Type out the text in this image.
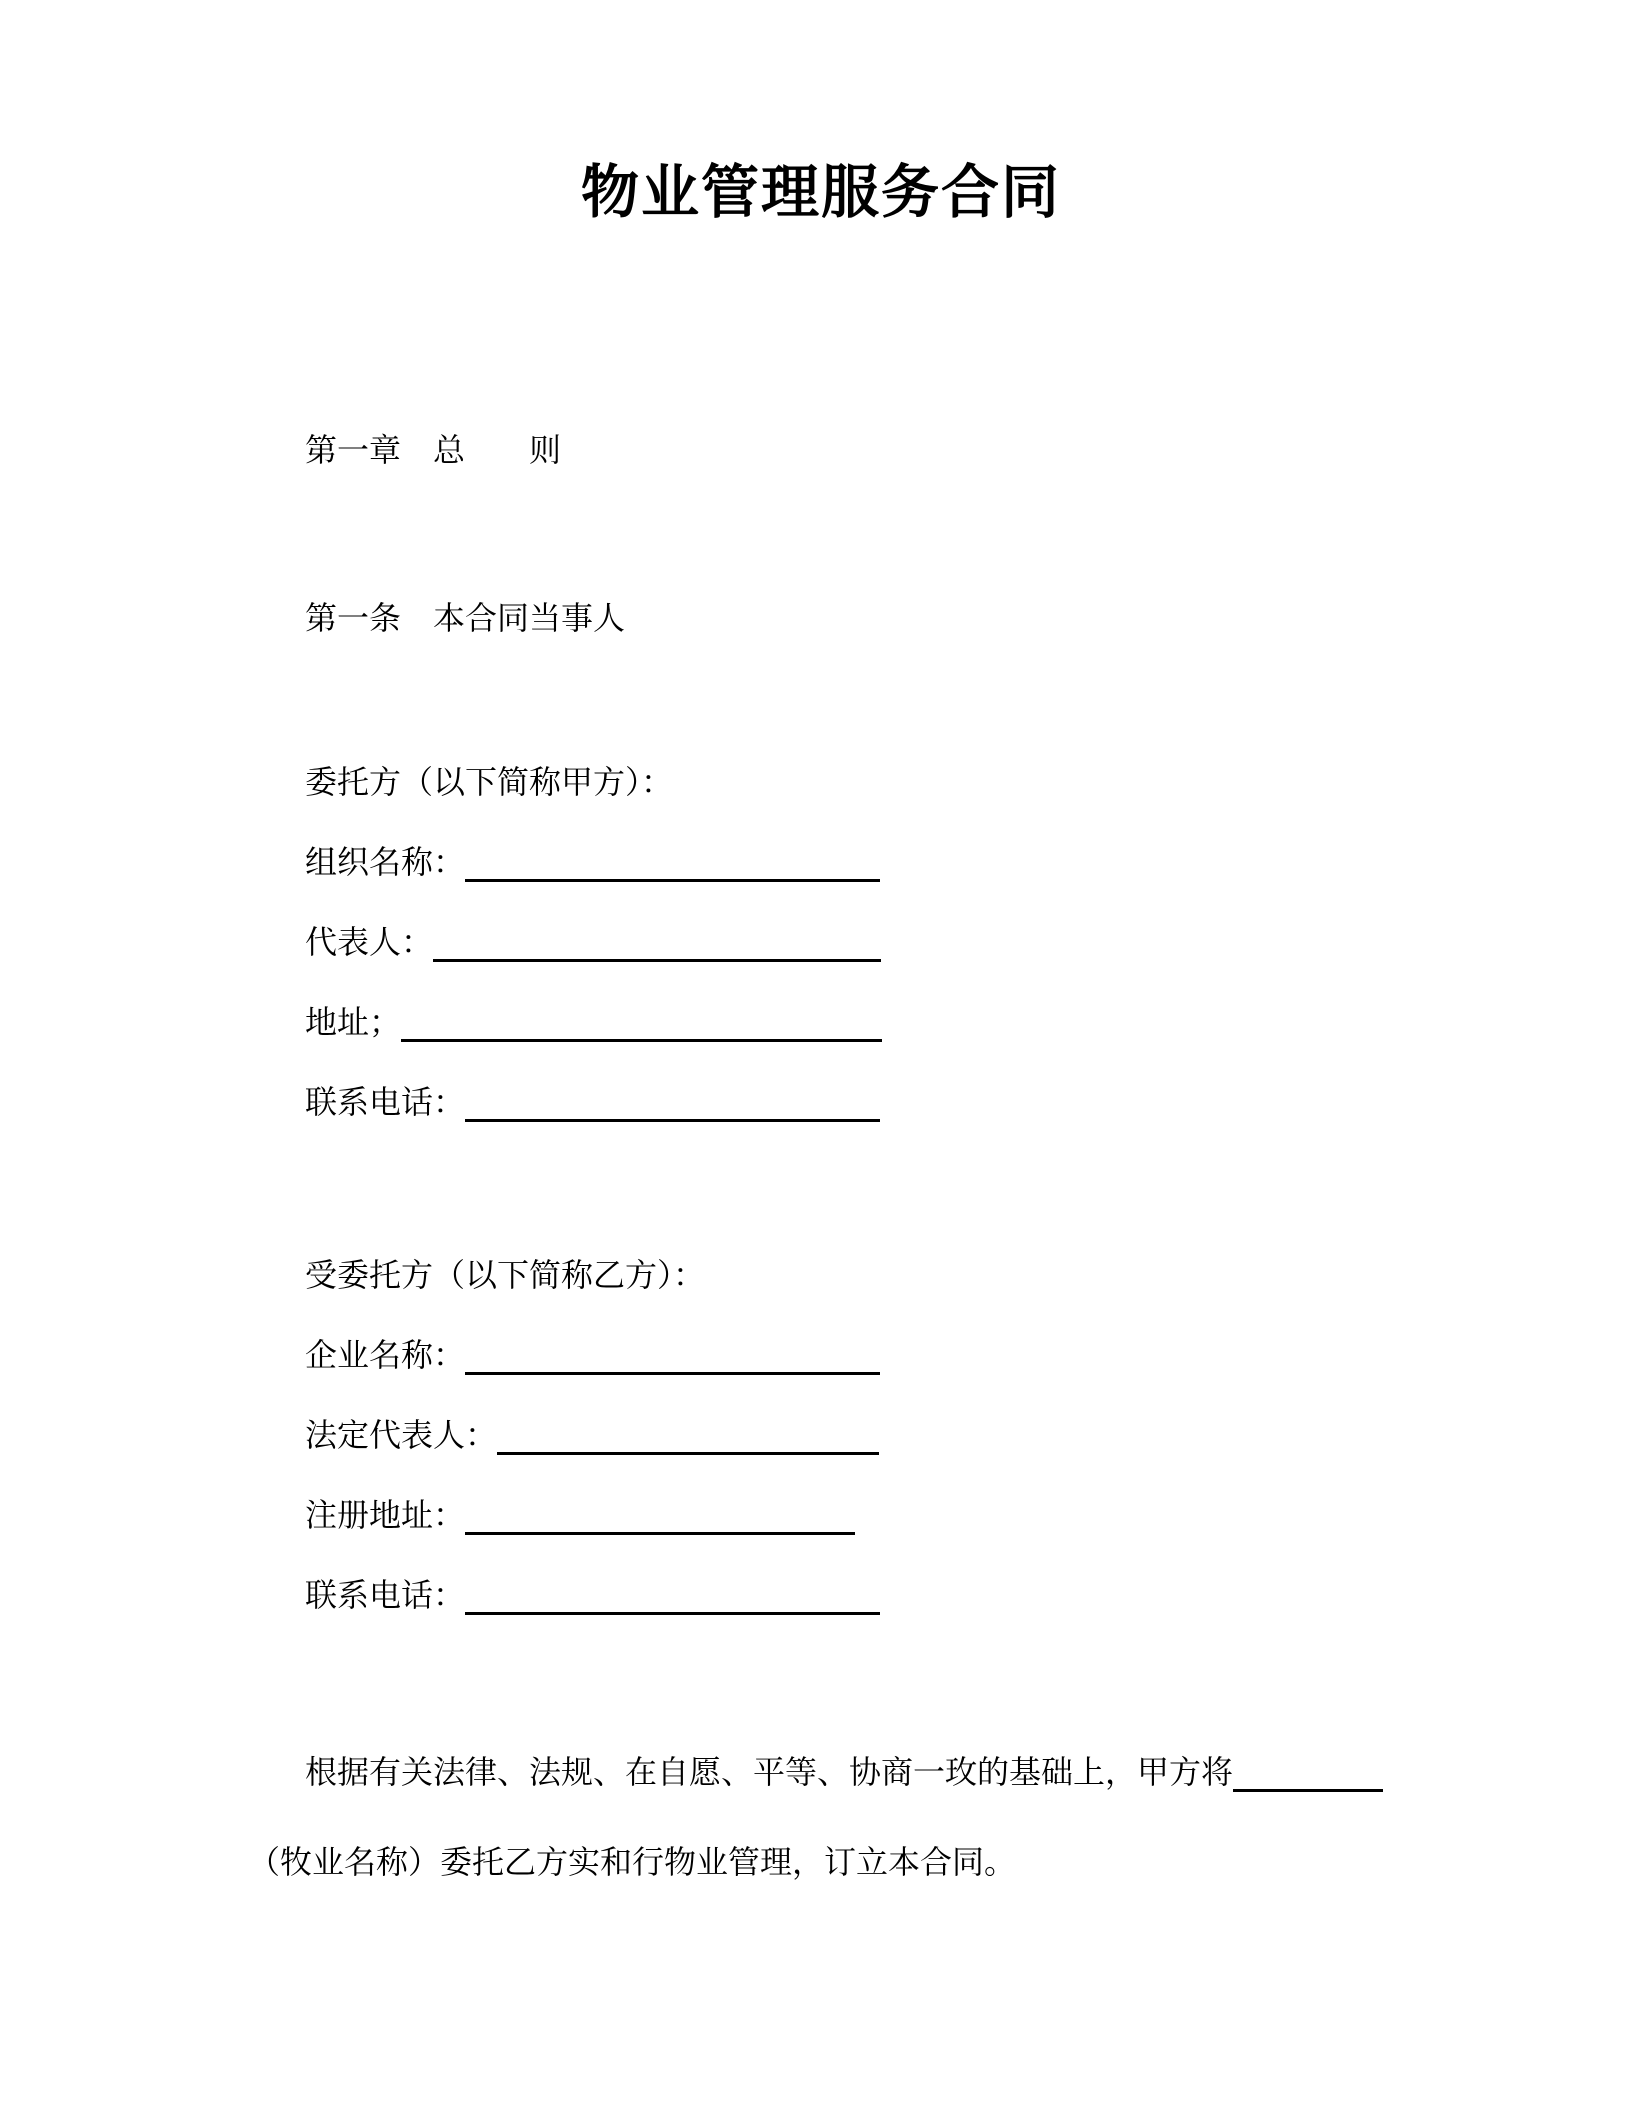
物业管理服务合同
第一章　总　　则
第一条　本合同当事人
委托方（以下简称甲方）：
组织名称：
代表人：
地址；
联系电话：
受委托方（以下简称乙方）：
企业名称：
法定代表人：
注册地址：
联系电话：
根据有关法律、法规、在自愿、平等、协商一玫的基础上，甲方将
（牧业名称）委托乙方实和行物业管理，订立本合同。
